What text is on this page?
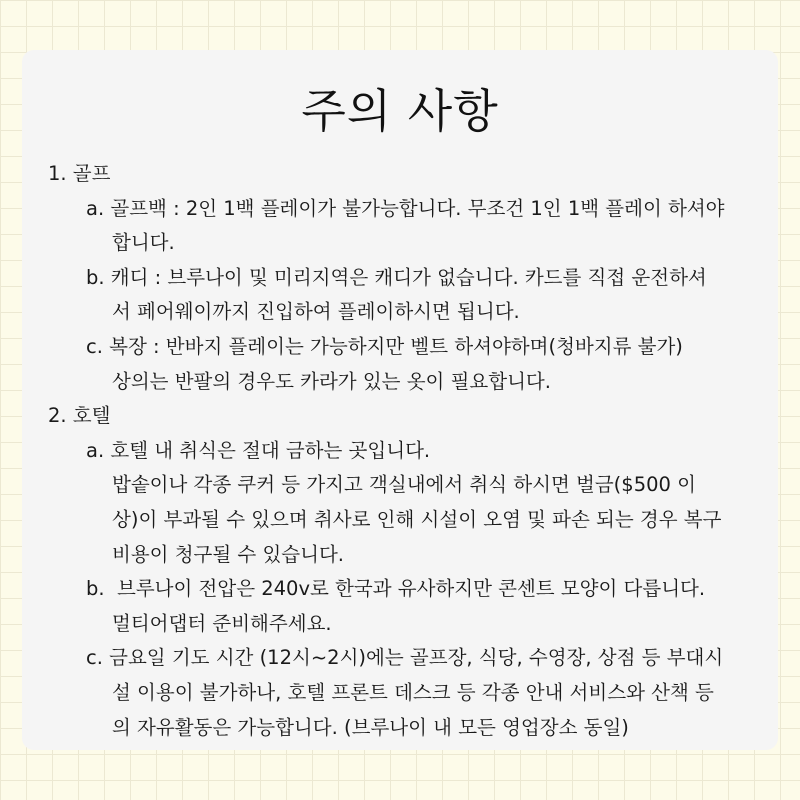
주의 사항
1. 골프
a. 골프백 : 2인 1백 플레이가 불가능합니다. 무조건 1인 1백 플레이 하셔야
합니다.
b. 캐디 : 브루나이 및 미리지역은 캐디가 없습니다. 카드를 직접 운전하셔
서 페어웨이까지 진입하여 플레이하시면 됩니다.
c. 복장 : 반바지 플레이는 가능하지만 벨트 하셔야하며(청바지류 불가)
상의는 반팔의 경우도 카라가 있는 옷이 필요합니다.
2. 호텔
a. 호텔 내 취식은 절대 금하는 곳입니다.
밥솥이나 각종 쿠커 등 가지고 객실내에서 취식 하시면 벌금($500 이
상)이 부과될 수 있으며 취사로 인해 시설이 오염 및 파손 되는 경우 복구
비용이 청구될 수 있습니다.
b.  브루나이 전압은 240v로 한국과 유사하지만 콘센트 모양이 다릅니다.
멀티어댑터 준비해주세요.
c. 금요일 기도 시간 (12시~2시)에는 골프장, 식당, 수영장, 상점 등 부대시
설 이용이 불가하나, 호텔 프론트 데스크 등 각종 안내 서비스와 산책 등
의 자유활동은 가능합니다. (브루나이 내 모든 영업장소 동일)
